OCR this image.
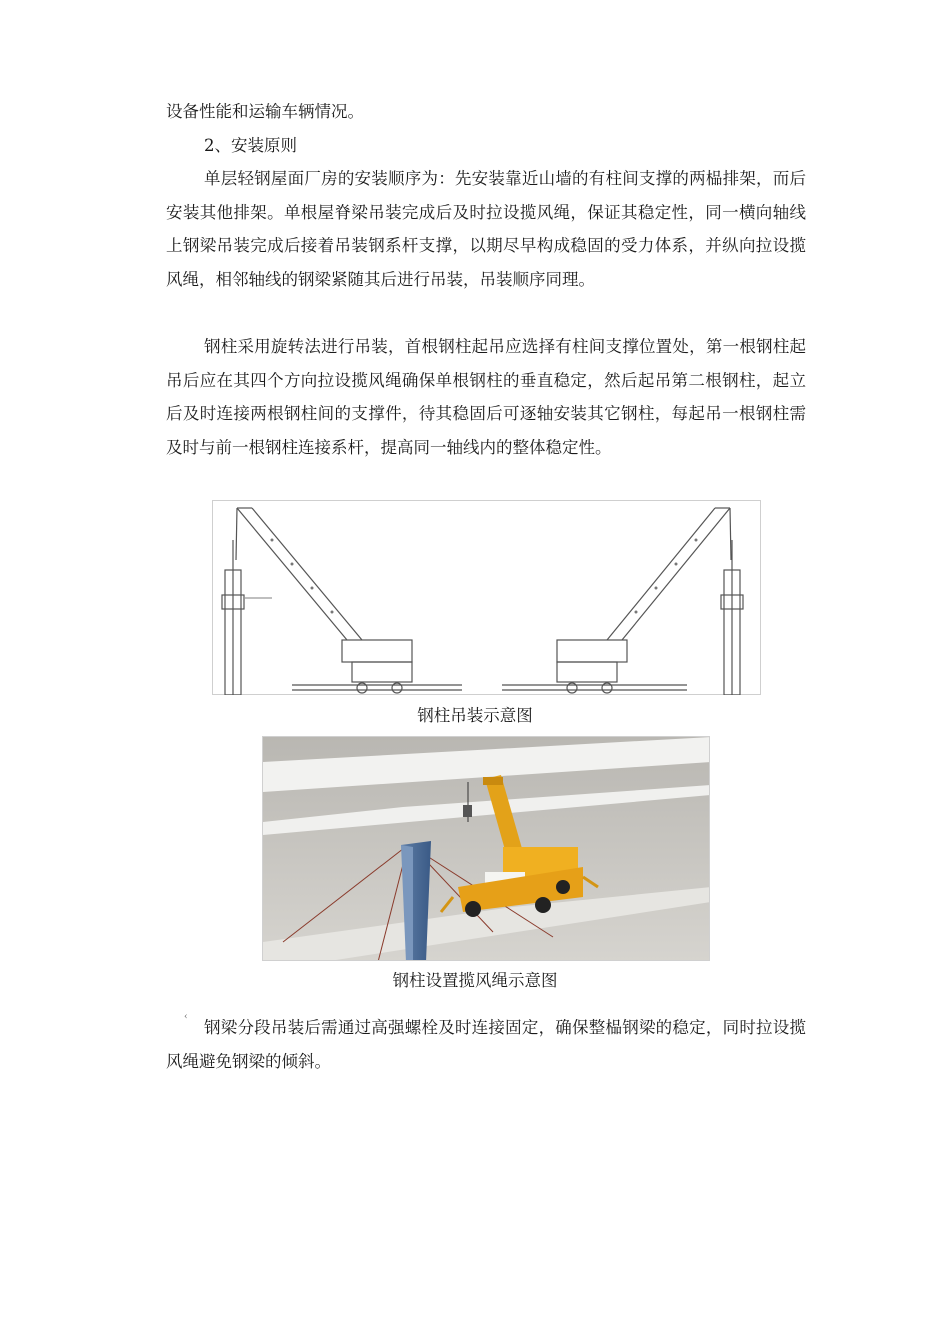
设备性能和运输车辆情况。

2、安装原则

单层轻钢屋面厂房的安装顺序为：先安装靠近山墙的有柱间支撑的两榀排架，而后安装其他排架。单根屋脊梁吊装完成后及时拉设揽风绳，保证其稳定性，同一横向轴线上钢梁吊装完成后接着吊装钢系杆支撑，以期尽早构成稳固的受力体系，并纵向拉设揽风绳，相邻轴线的钢梁紧随其后进行吊装，吊装顺序同理。

钢柱采用旋转法进行吊装，首根钢柱起吊应选择有柱间支撑位置处，第一根钢柱起吊后应在其四个方向拉设揽风绳确保单根钢柱的垂直稳定，然后起吊第二根钢柱，起立后及时连接两根钢柱间的支撑件，待其稳固后可逐轴安装其它钢柱，每起吊一根钢柱需及时与前一根钢柱连接系杆，提高同一轴线内的整体稳定性。

钢柱吊装示意图

钢柱设置揽风绳示意图

‹

钢梁分段吊装后需通过高强螺栓及时连接固定，确保整榀钢梁的稳定，同时拉设揽风绳避免钢梁的倾斜。
